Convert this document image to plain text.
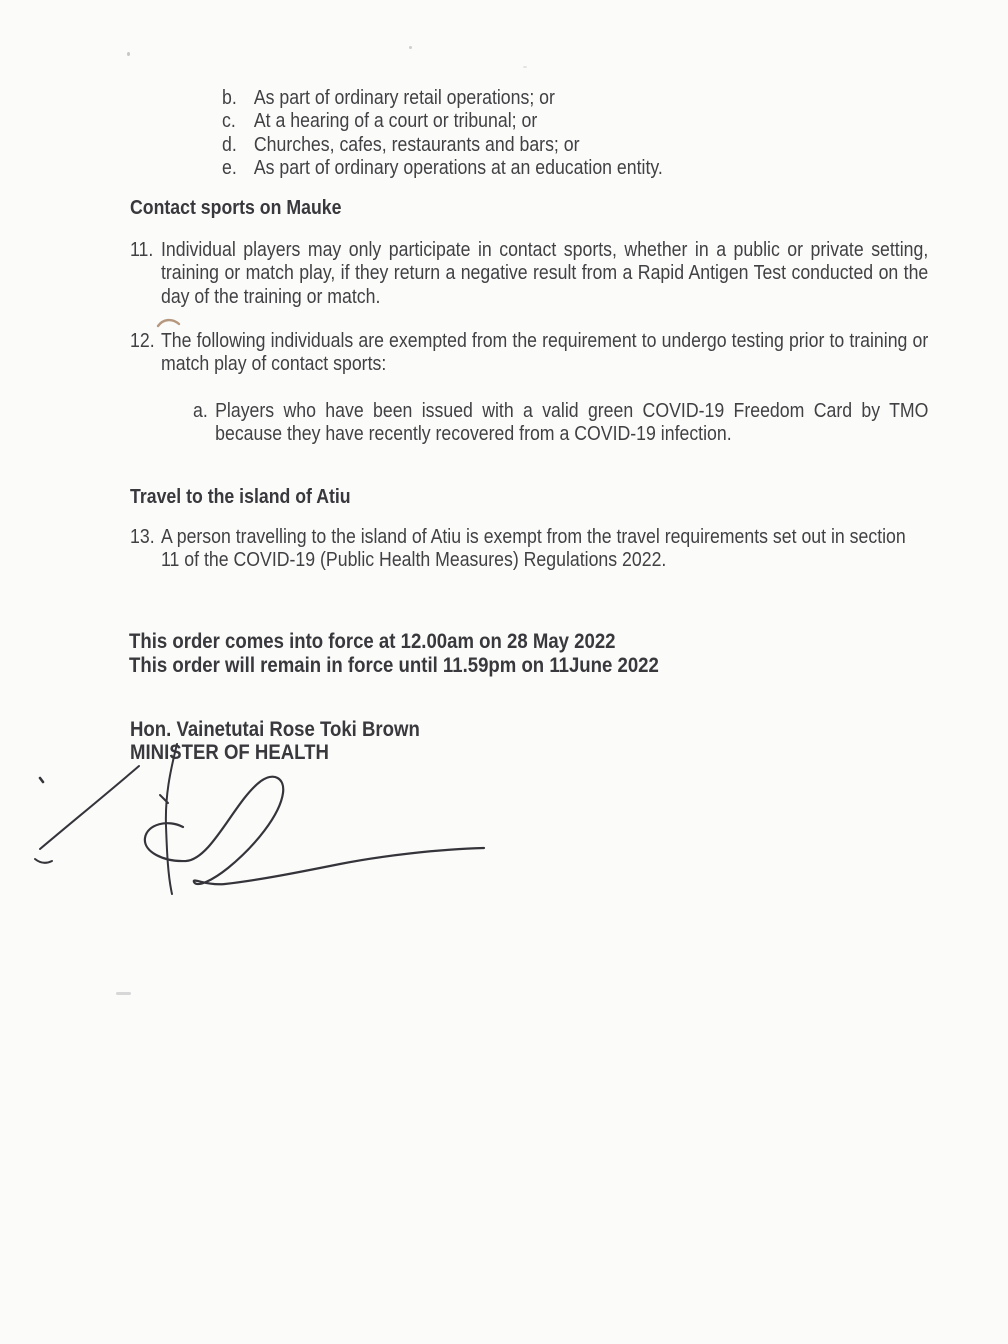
b. As part of ordinary retail operations; or
c. At a hearing of a court or tribunal; or
d. Churches, cafes, restaurants and bars; or
e. As part of ordinary operations at an education entity.
Contact sports on Mauke
11. Individual players may only participate in contact sports, whether in a public or private setting, training or match play, if they return a negative result from a Rapid Antigen Test conducted on the day of the training or match.

12. The following individuals are exempted from the requirement to undergo testing prior to training or match play of contact sports:

a. Players who have been issued with a valid green COVID-19 Freedom Card by TMO because they have recently recovered from a COVID-19 infection.

Travel to the island of Atiu
13. A person travelling to the island of Atiu is exempt from the travel requirements set out in section 11 of the COVID-19 (Public Health Measures) Regulations 2022.

This order comes into force at 12.00am on 28 May 2022
This order will remain in force until 11.59pm on 11June 2022
Hon. Vainetutai Rose Toki Brown
MINISTER OF HEALTH
